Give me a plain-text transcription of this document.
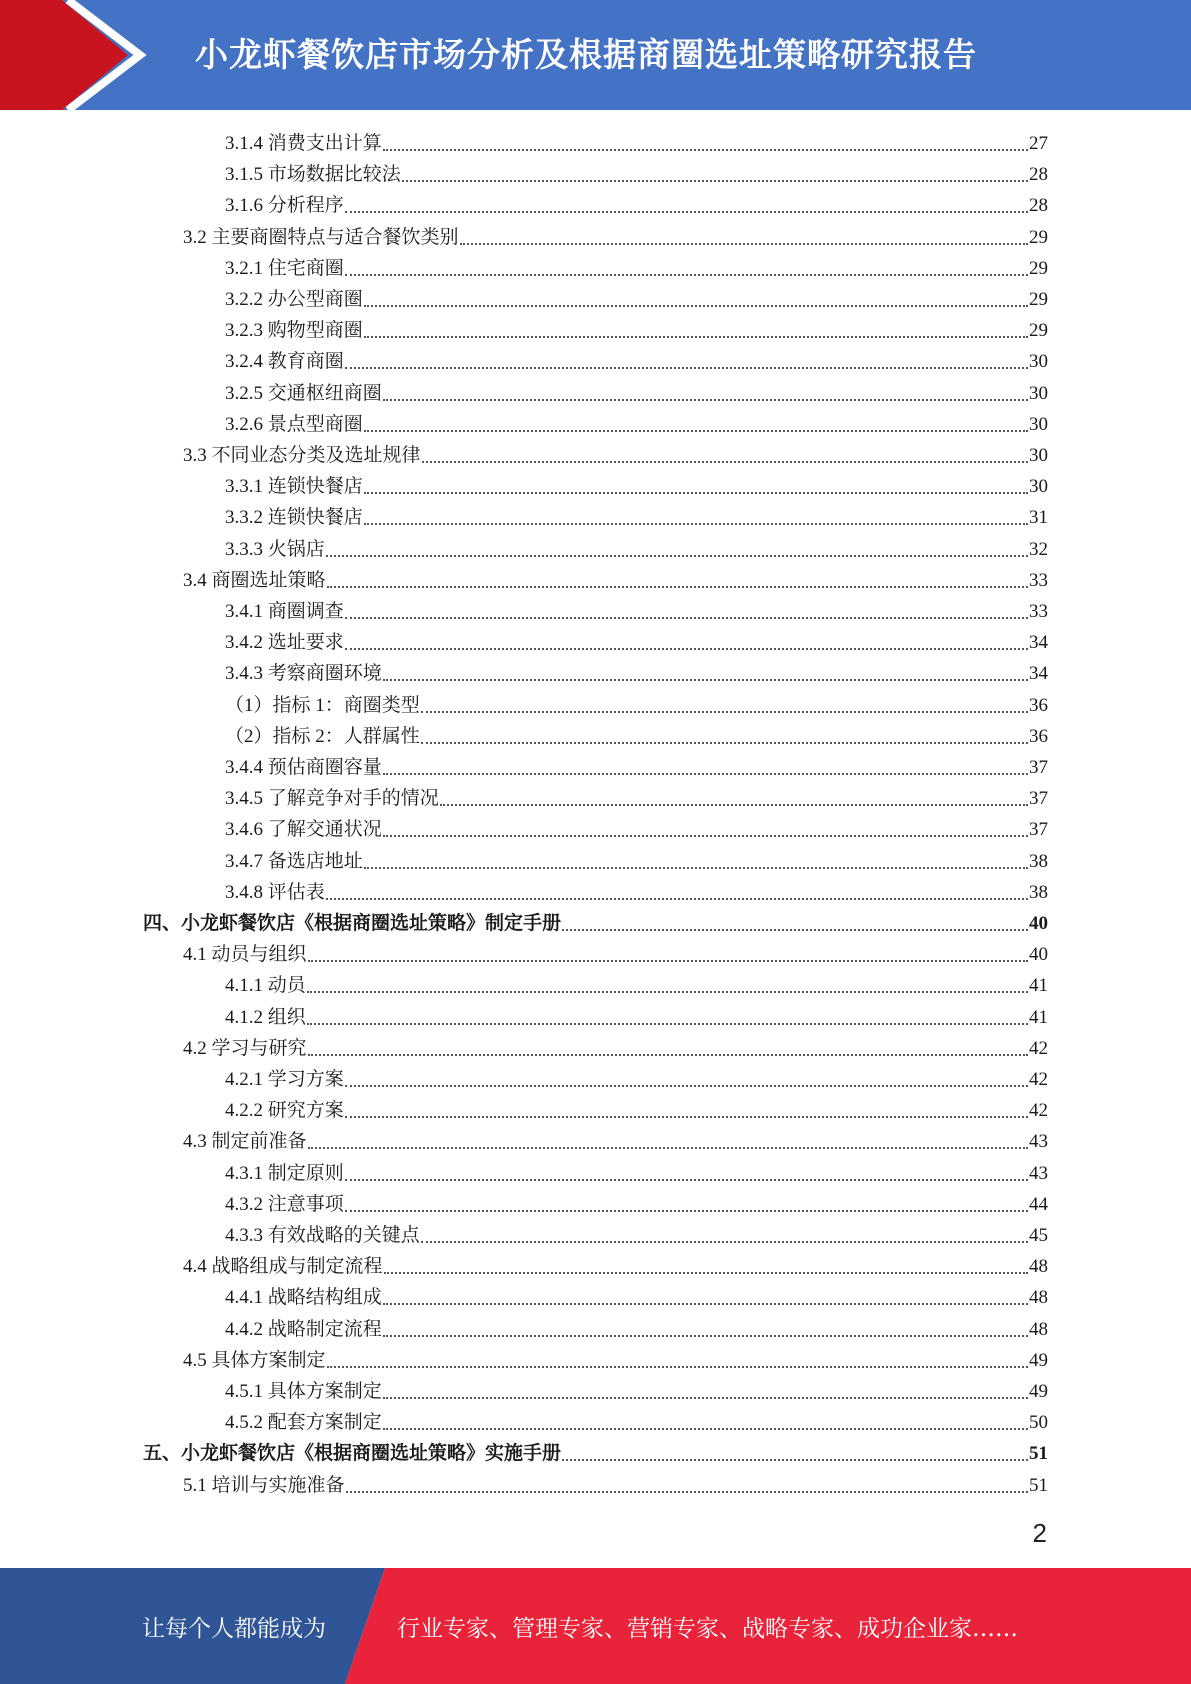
小龙虾餐饮店市场分析及根据商圈选址策略研究报告
3.1.4 消费支出计算	27
3.1.5 市场数据比较法	28
3.1.6 分析程序	28
3.2 主要商圈特点与适合餐饮类别	29
3.2.1 住宅商圈	29
3.2.2 办公型商圈	29
3.2.3 购物型商圈	29
3.2.4 教育商圈	30
3.2.5 交通枢纽商圈	30
3.2.6 景点型商圈	30
3.3 不同业态分类及选址规律	30
3.3.1 连锁快餐店	30
3.3.2 连锁快餐店	31
3.3.3 火锅店	32
3.4 商圈选址策略	33
3.4.1 商圈调查	33
3.4.2 选址要求	34
3.4.3 考察商圈环境	34
（1）指标 1：商圈类型	36
（2）指标 2：人群属性	36
3.4.4 预估商圈容量	37
3.4.5 了解竞争对手的情况	37
3.4.6 了解交通状况	37
3.4.7 备选店地址	38
3.4.8 评估表	38
四、小龙虾餐饮店《根据商圈选址策略》制定手册	40
4.1 动员与组织	40
4.1.1 动员	41
4.1.2 组织	41
4.2 学习与研究	42
4.2.1 学习方案	42
4.2.2 研究方案	42
4.3 制定前准备	43
4.3.1 制定原则	43
4.3.2 注意事项	44
4.3.3 有效战略的关键点	45
4.4 战略组成与制定流程	48
4.4.1 战略结构组成	48
4.4.2 战略制定流程	48
4.5 具体方案制定	49
4.5.1 具体方案制定	49
4.5.2 配套方案制定	50
五、小龙虾餐饮店《根据商圈选址策略》实施手册	51
5.1 培训与实施准备	51
2
让每个人都能成为	行业专家、管理专家、营销专家、战略专家、成功企业家……
